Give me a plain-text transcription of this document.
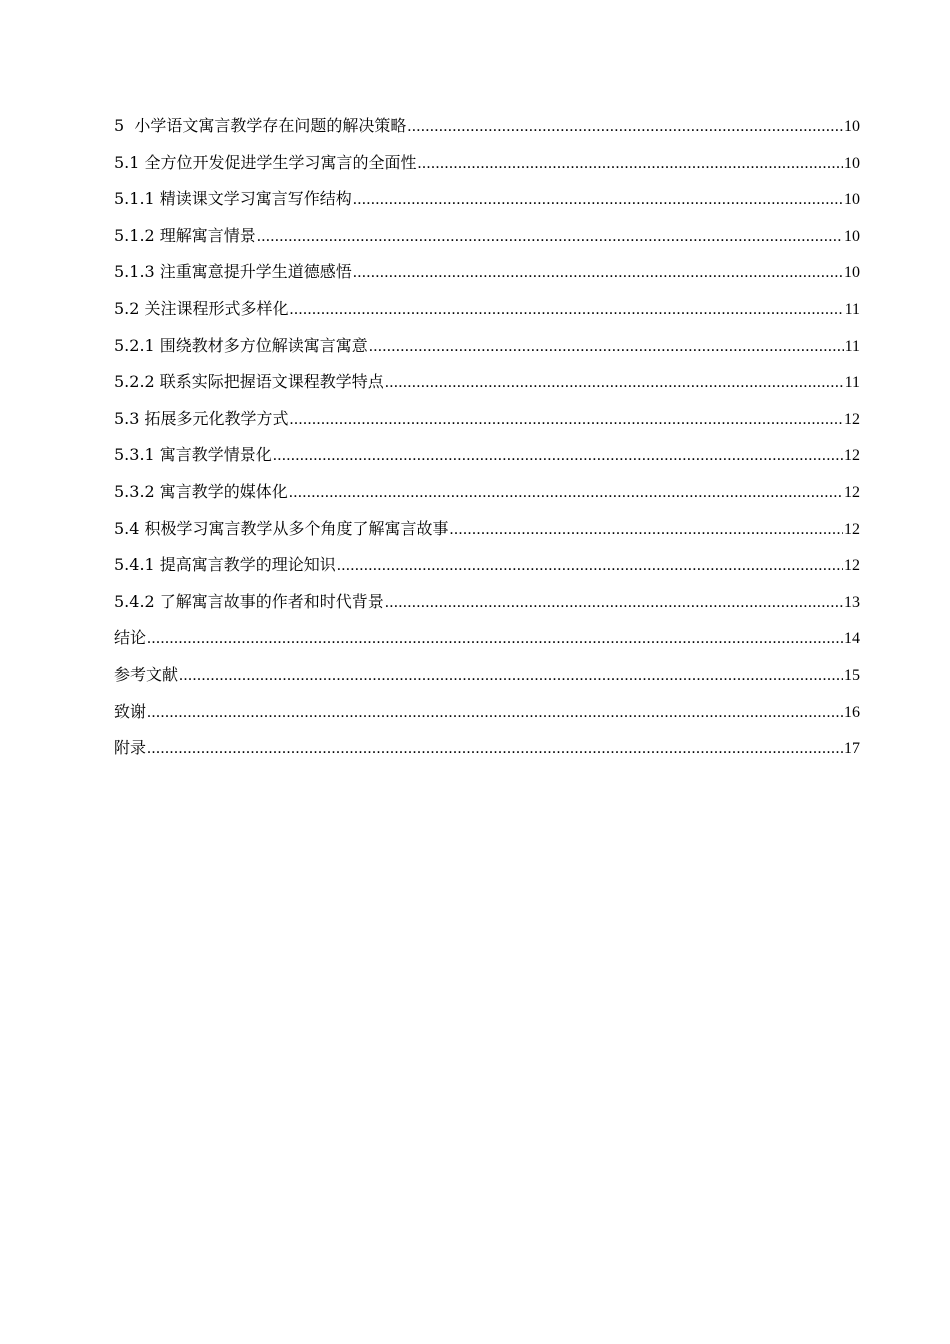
5  小学语文寓言教学存在问题的解决策略 .....	10
5.1 全方位开发促进学生学习寓言的全面性 .....	10
5.1.1 精读课文学习寓言写作结构 .....	10
5.1.2 理解寓言情景 .....	10
5.1.3 注重寓意提升学生道德感悟 .....	10
5.2 关注课程形式多样化 .....	11
5.2.1 围绕教材多方位解读寓言寓意 .....	11
5.2.2 联系实际把握语文课程教学特点 .....	11
5.3 拓展多元化教学方式 .....	12
5.3.1 寓言教学情景化 .....	12
5.3.2 寓言教学的媒体化 .....	12
5.4 积极学习寓言教学从多个角度了解寓言故事 .....	12
5.4.1 提高寓言教学的理论知识 .....	12
5.4.2 了解寓言故事的作者和时代背景 .....	13
结论 .....	14
参考文献 .....	15
致谢 .....	16
附录 .....	17
